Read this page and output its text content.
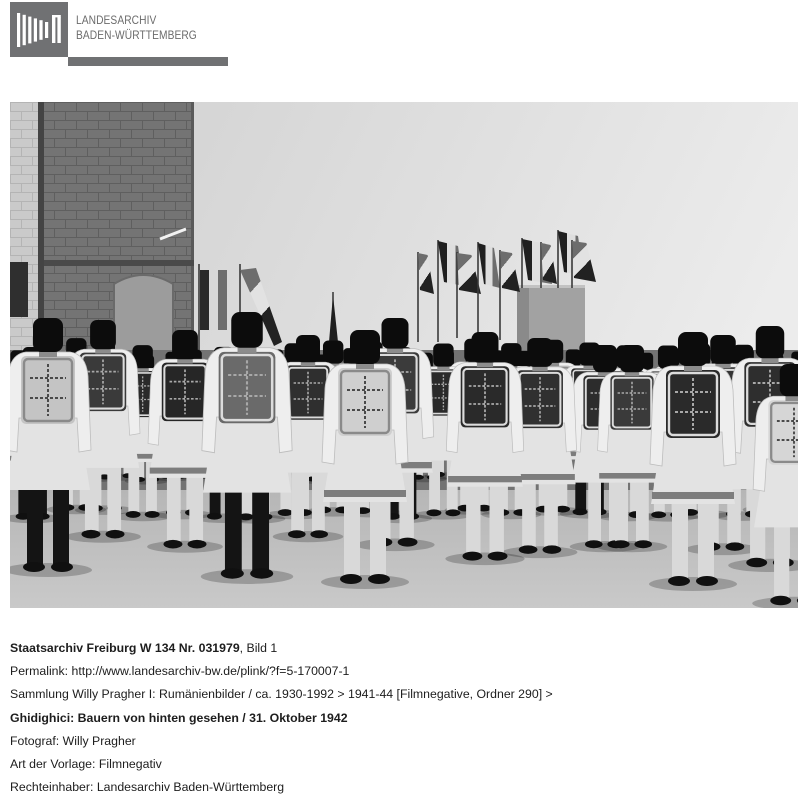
LANDESARCHIV
BADEN-WÜRTTEMBERG
Staatsarchiv Freiburg W 134 Nr. 031979, Bild 1
Permalink: http://www.landesarchiv-bw.de/plink/?f=5-170007-1
Sammlung Willy Pragher I: Rumänienbilder / ca. 1930-1992 > 1941-44 [Filmnegative, Ordner 290] >
Ghidighici: Bauern von hinten gesehen / 31. Oktober 1942
Fotograf: Willy Pragher
Art der Vorlage: Filmnegativ
Rechteinhaber: Landesarchiv Baden-Württemberg
